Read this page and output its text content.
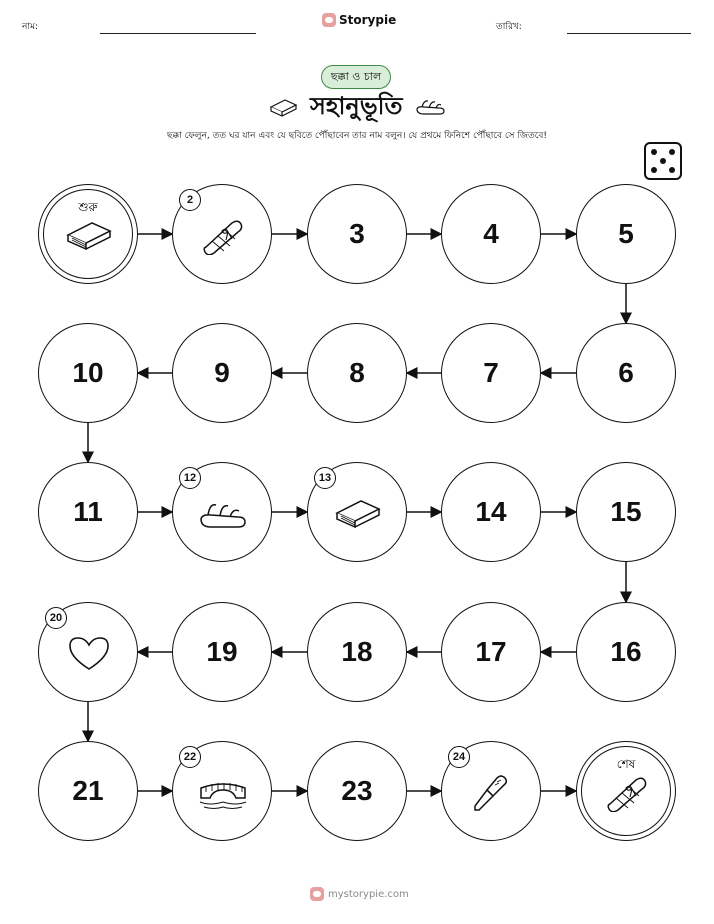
নাম:	Storypie	তারিখ:
ছক্কা ও চাল
সহানুভূতি
ছক্কা ফেলুন, তত ঘর যান এবং যে ছবিতে পৌঁছাবেন তার নাম বলুন। যে প্রথমে ফিনিশে পৌঁছাবে সে জিতবে!
শুরু	2
3	4	5
6
7
8
9
10
11
12	13
14	15
16
17
18
19
20
21
22
23
24	শেষ
mystorypie.com
